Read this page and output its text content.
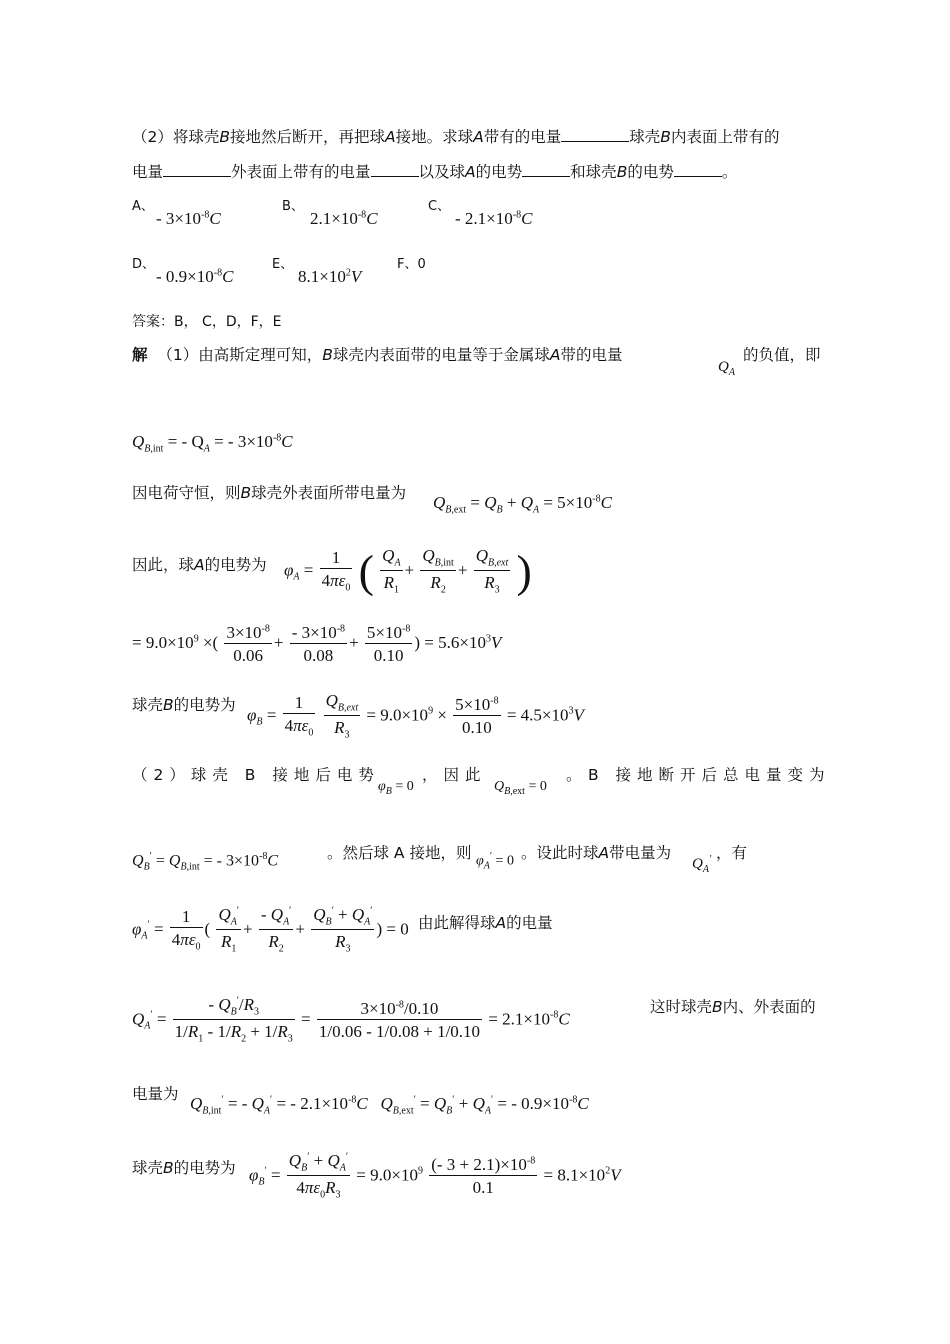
（2）将球壳B接地然后断开，再把球A接地。求球A带有的电量	球壳B内表面上带有的
电量	外表面上带有的电量	以及球A的电势	和球壳B的电势	。
A、
- $3\times 10^{-8}C$
B、
$2.1\times 10^{-8}C$
C、
- $2.1\times 10^{-8}C$
D、
- $0.9\times 10^{-8}C$
E、
$8.1\times 10^2V$
F、0
答案：B， C，D，F，E
解 （1）由高斯定理可知，B球壳内表面带的电量等于金属球A带的电量
$Q_A$
的负值，即
$Q_{B,int}$ = - $Q_A$ = - $3\times 10^{-8}C$
因电荷守恒，则B球壳外表面所带电量为 $Q_{B,ext} = Q_B + Q_A = 5\times 10^{-8}C$
因此，球A的电势为 $\varphi_A = \frac{1}{4\pi\varepsilon_0}$ ( $\frac{Q_A}{R_1} + \frac{Q_{B,int}}{R_2} + \frac{Q_{B,ext}}{R_3}$ )
= $9.0\times 10^9$ ×( $\frac{3\times 10^{-8}}{0.06} + \frac{- 3\times 10^{-8}}{0.08} + \frac{5\times 10^{-8}}{0.10}$ ) = $5.6\times 10^3V$
球壳B的电势为
$\varphi_B = \frac{1}{4\pi\varepsilon_0}$
$\frac{Q_{B,ext}}{R_3} = 9.0\times 10^9 \times \frac{5\times 10^{-8}}{0.10} = 4.5\times 10^3V$
（2）球壳 B 接地后电势
$\varphi_B = 0$
，因此
$Q_{B,ext} = 0$
。 B 接地断开后总电量变为
$Q_B' = Q_{B,int}$ = - $3\times 10^{-8}C$	。然后球 A 接地，则 $\varphi_A' = 0$ 。设此时球A带电量为
$Q_A'$ ，有
$\varphi_A' = \frac{1}{4\pi\varepsilon_0}$ ( $\frac{Q_A'}{R_1} + \frac{- Q_A'}{R_2} + \frac{Q_B' + Q_A'}{R_3}$ ) = 0 由此解得球A的电量
$Q_A' = \frac{- Q_B'/R_3}{1/R_1 - 1/R_2 + 1/R_3} = \frac{3\times 10^{-8}/0.10}{1/0.06 - 1/0.08 + 1/0.10} = 2.1\times 10^{-8}C$
这时球壳B内、外表面的
电量为 $Q_{B,int}'$ = - $Q_A'$ = - $2.1\times 10^{-8}C$ $Q_{B,ext}' = Q_B' + Q_A'$ = - $0.9\times 10^{-8}C$
球壳B的电势为 $\varphi_B' = \frac{Q_B' + Q_A'}{4\pi\varepsilon_0R_3} = 9.0\times 10^9 \frac{(- 3 + 2.1)\times 10^{-8}}{0.1} = 8.1\times 10^2V$
